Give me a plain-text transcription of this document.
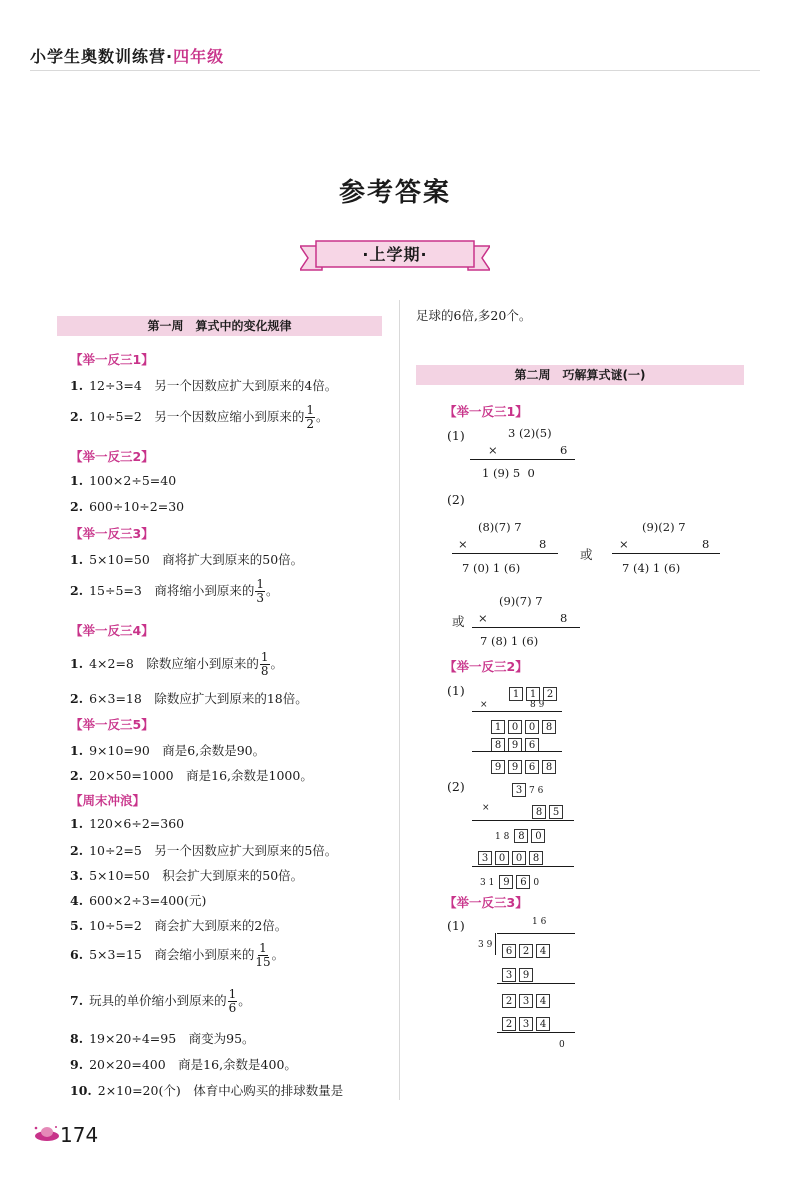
小学生奥数训练营·四年级
参考答案
·上学期·
第一周　算式中的变化规律
【举一反三1】
1. 12÷3=4　另一个因数应扩大到原来的4倍。
2. 10÷5=2　另一个因数应缩小到原来的 $\frac{1}{2}$ 。
【举一反三2】
1. 100×2÷5=40
2. 600÷10÷2=30
【举一反三3】
1. 5×10=50　商将扩大到原来的50倍。
2. 15÷5=3　商将缩小到原来的 $\frac{1}{3}$ 。
【举一反三4】
1. 4×2=8　除数应缩小到原来的 $\frac{1}{8}$ 。
2. 6×3=18　除数应扩大到原来的18倍。
【举一反三5】
1. 9×10=90　商是6,余数是90。
2. 20×50=1000　商是16,余数是1000。
【周末冲浪】
1. 120×6÷2=360
2. 10÷2=5　另一个因数应扩大到原来的5倍。
3. 5×10=50　积会扩大到原来的50倍。
4. 600×2÷3=400(元)
5. 10÷5=2　商会扩大到原来的2倍。
6. 5×3=15　商会缩小到原来的 $\frac{1}{15}$ 。
7. 玩具的单价缩小到原来的 $\frac{1}{6}$ 。
8. 19×20÷4=95　商变为95。
9. 20×20=400　商是16,余数是400。
10. 2×10=20(个)　体育中心购买的排球数量是
足球的6倍,多20个。
第二周　巧解算式谜(一)
【举一反三1】
(1)	3 (2)(5)
×	6
1 (9) 5  0
(2)
(8)(7) 7
×	8
7 (0) 1 (6)
或
(9)(2) 7
×	8
7 (4) 1 (6)
(9)(7) 7
或 ×	8
7 (8) 1 (6)
【举一反三2】
(1)	1 1 2
×	8 9
1 0 0 8
8 9 6
9 9 6 8
(2)	3 7 6
×	8 5
1 8 8 0
3 0 0 8
3 1 9 6 0
【举一反三3】
(1)	1 6
3 9
6 2 4
3 9
2 3 4
2 3 4
0
174
